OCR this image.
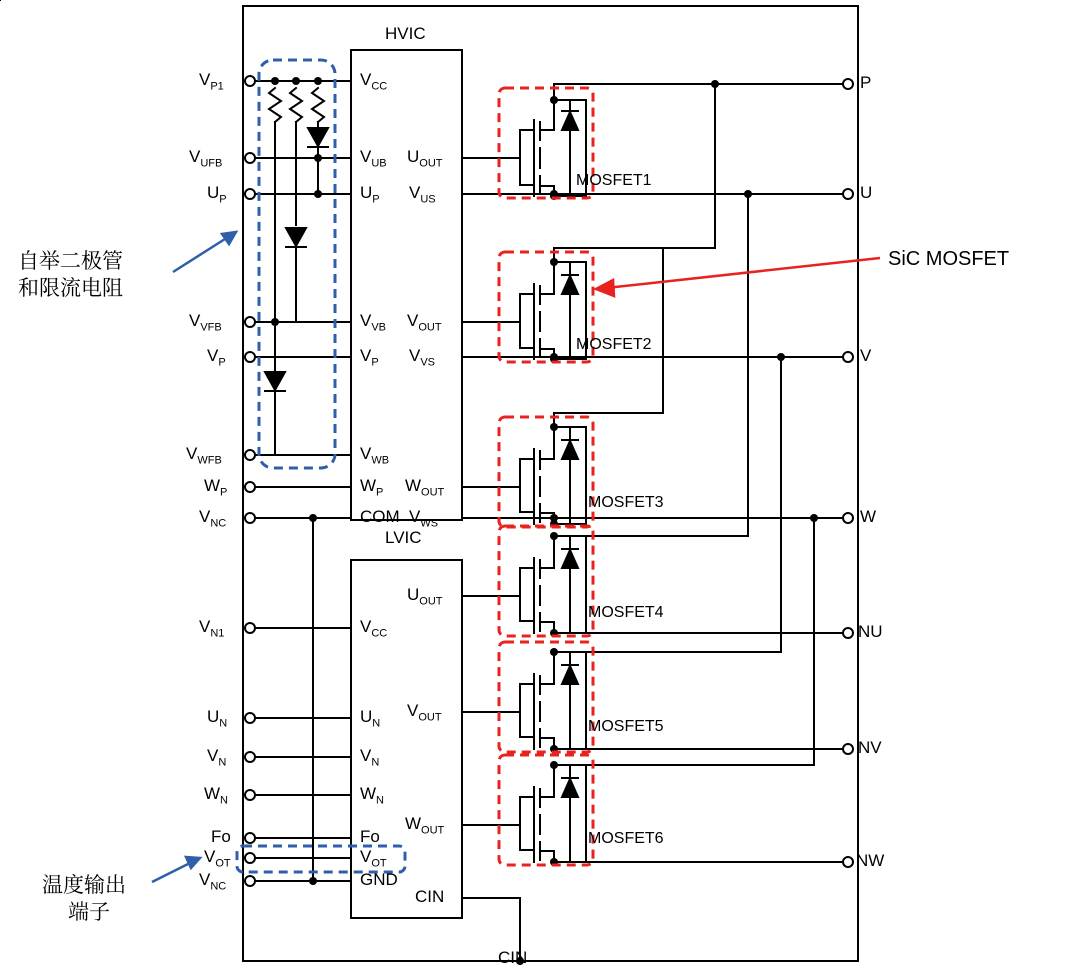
HVIC
LVIC
$V_{CC}$
$V_{UB}$
$U_P$
$V_{VB}$
$V_P$
$V_{WB}$
$W_P$
COM
$U_{OUT}$
$V_{US}$
$V_{OUT}$
$V_{VS}$
$W_{OUT}$
$V_{WS}$
$V_{CC}$
$U_N$
$V_N$
$W_N$
Fo
$V_{OT}$
GND
$U_{OUT}$
$V_{OUT}$
$W_{OUT}$
CIN
$V_{P1}$
$V_{UFB}$
$U_P$
$V_{VFB}$
$V_P$
$V_{WFB}$
$W_P$
$V_{NC}$
$V_{N1}$
$U_N$
$V_N$
$W_N$
Fo
$V_{OT}$
$V_{NC}$
P
U
V
W
NU
NV
NW
CIN
MOSFET1
MOSFET2
MOSFET3
MOSFET4
MOSFET5
MOSFET6
自举二极管
和限流电阻
温度输出
端子
SiC MOSFET
